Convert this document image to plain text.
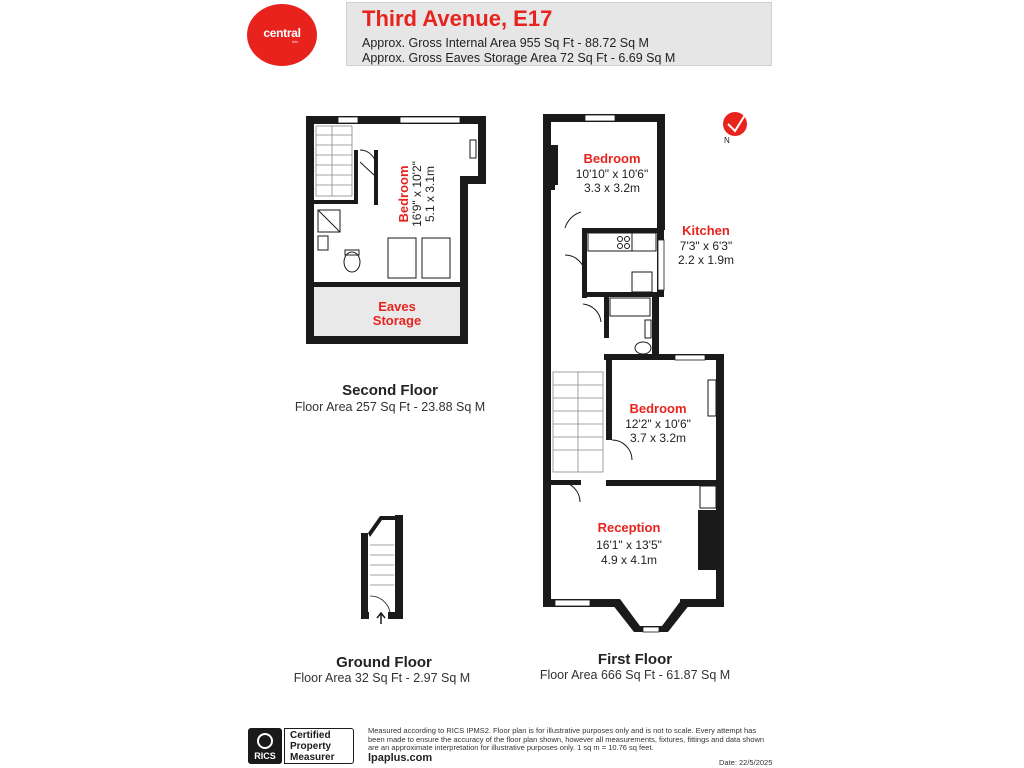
central
lets
Third Avenue, E17
Approx. Gross Internal Area 955 Sq Ft - 88.72 Sq M
Approx. Gross Eaves Storage Area 72 Sq Ft - 6.69 Sq M
N
Bedroom 16'9" x 10'2" 5.1 x 3.1m
Eaves
Storage
Bedroom
10'10" x 10'6"
3.3 x 3.2m
Kitchen
7'3" x 6'3"
2.2 x 1.9m
Bedroom
12'2" x 10'6"
3.7 x 3.2m
Reception
16'1" x 13'5"
4.9 x 4.1m
Second Floor
Floor Area 257 Sq Ft - 23.88 Sq M
Ground Floor
Floor Area 32 Sq Ft - 2.97 Sq M
First Floor
Floor Area 666 Sq Ft - 61.87 Sq M
RICS
Certified
Property
Measurer
Measured according to RICS IPMS2. Floor plan is for illustrative purposes only and is not to scale. Every attempt has been made to ensure the accuracy of the floor plan shown, however all measurements, fixtures, fittings and data shown are an approximate interpretation for illustrative purposes only. 1 sq m = 10.76 sq feet.
lpaplus.com	Date: 22/5/2025
